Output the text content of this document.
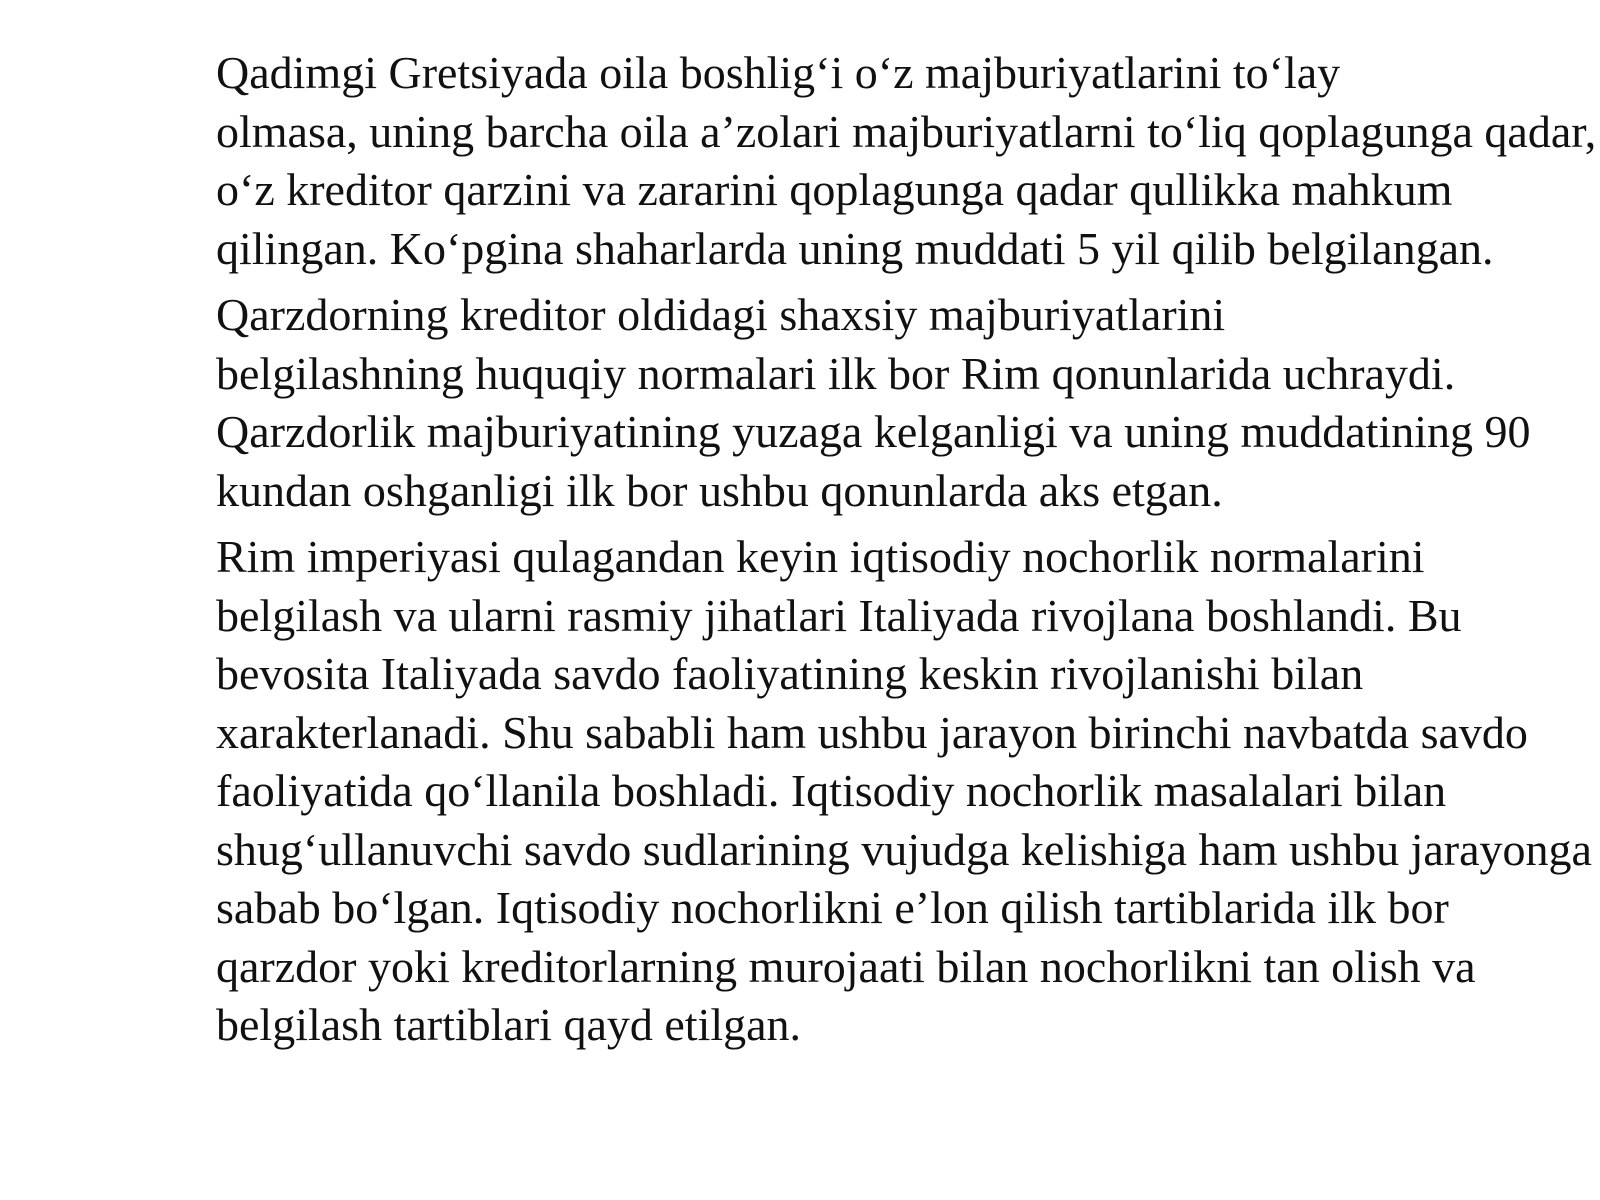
Qadimgi Gretsiyada oila boshlig‘i o‘z majburiyatlarini to‘lay
olmasa, uning barcha oila a’zolari majburiyatlarni to‘liq qoplagunga qadar,
o‘z kreditor qarzini va zararini qoplagunga qadar qullikka mahkum
qilingan. Ko‘pgina shaharlarda uning muddati 5 yil qilib belgilangan.

Qarzdorning kreditor oldidagi shaxsiy majburiyatlarini
belgilashning huquqiy normalari ilk bor Rim qonunlarida uchraydi.
Qarzdorlik majburiyatining yuzaga kelganligi va uning muddatining 90
kundan oshganligi ilk bor ushbu qonunlarda aks etgan.

Rim imperiyasi qulagandan keyin iqtisodiy nochorlik normalarini
belgilash va ularni rasmiy jihatlari Italiyada rivojlana boshlandi. Bu
bevosita Italiyada savdo faoliyatining keskin rivojlanishi bilan
xarakterlanadi. Shu sababli ham ushbu jarayon birinchi navbatda savdo
faoliyatida qo‘llanila boshladi. Iqtisodiy nochorlik masalalari bilan
shug‘ullanuvchi savdo sudlarining vujudga kelishiga ham ushbu jarayonga
sabab bo‘lgan. Iqtisodiy nochorlikni e’lon qilish tartiblarida ilk bor
qarzdor yoki kreditorlarning murojaati bilan nochorlikni tan olish va
belgilash tartiblari qayd etilgan.
